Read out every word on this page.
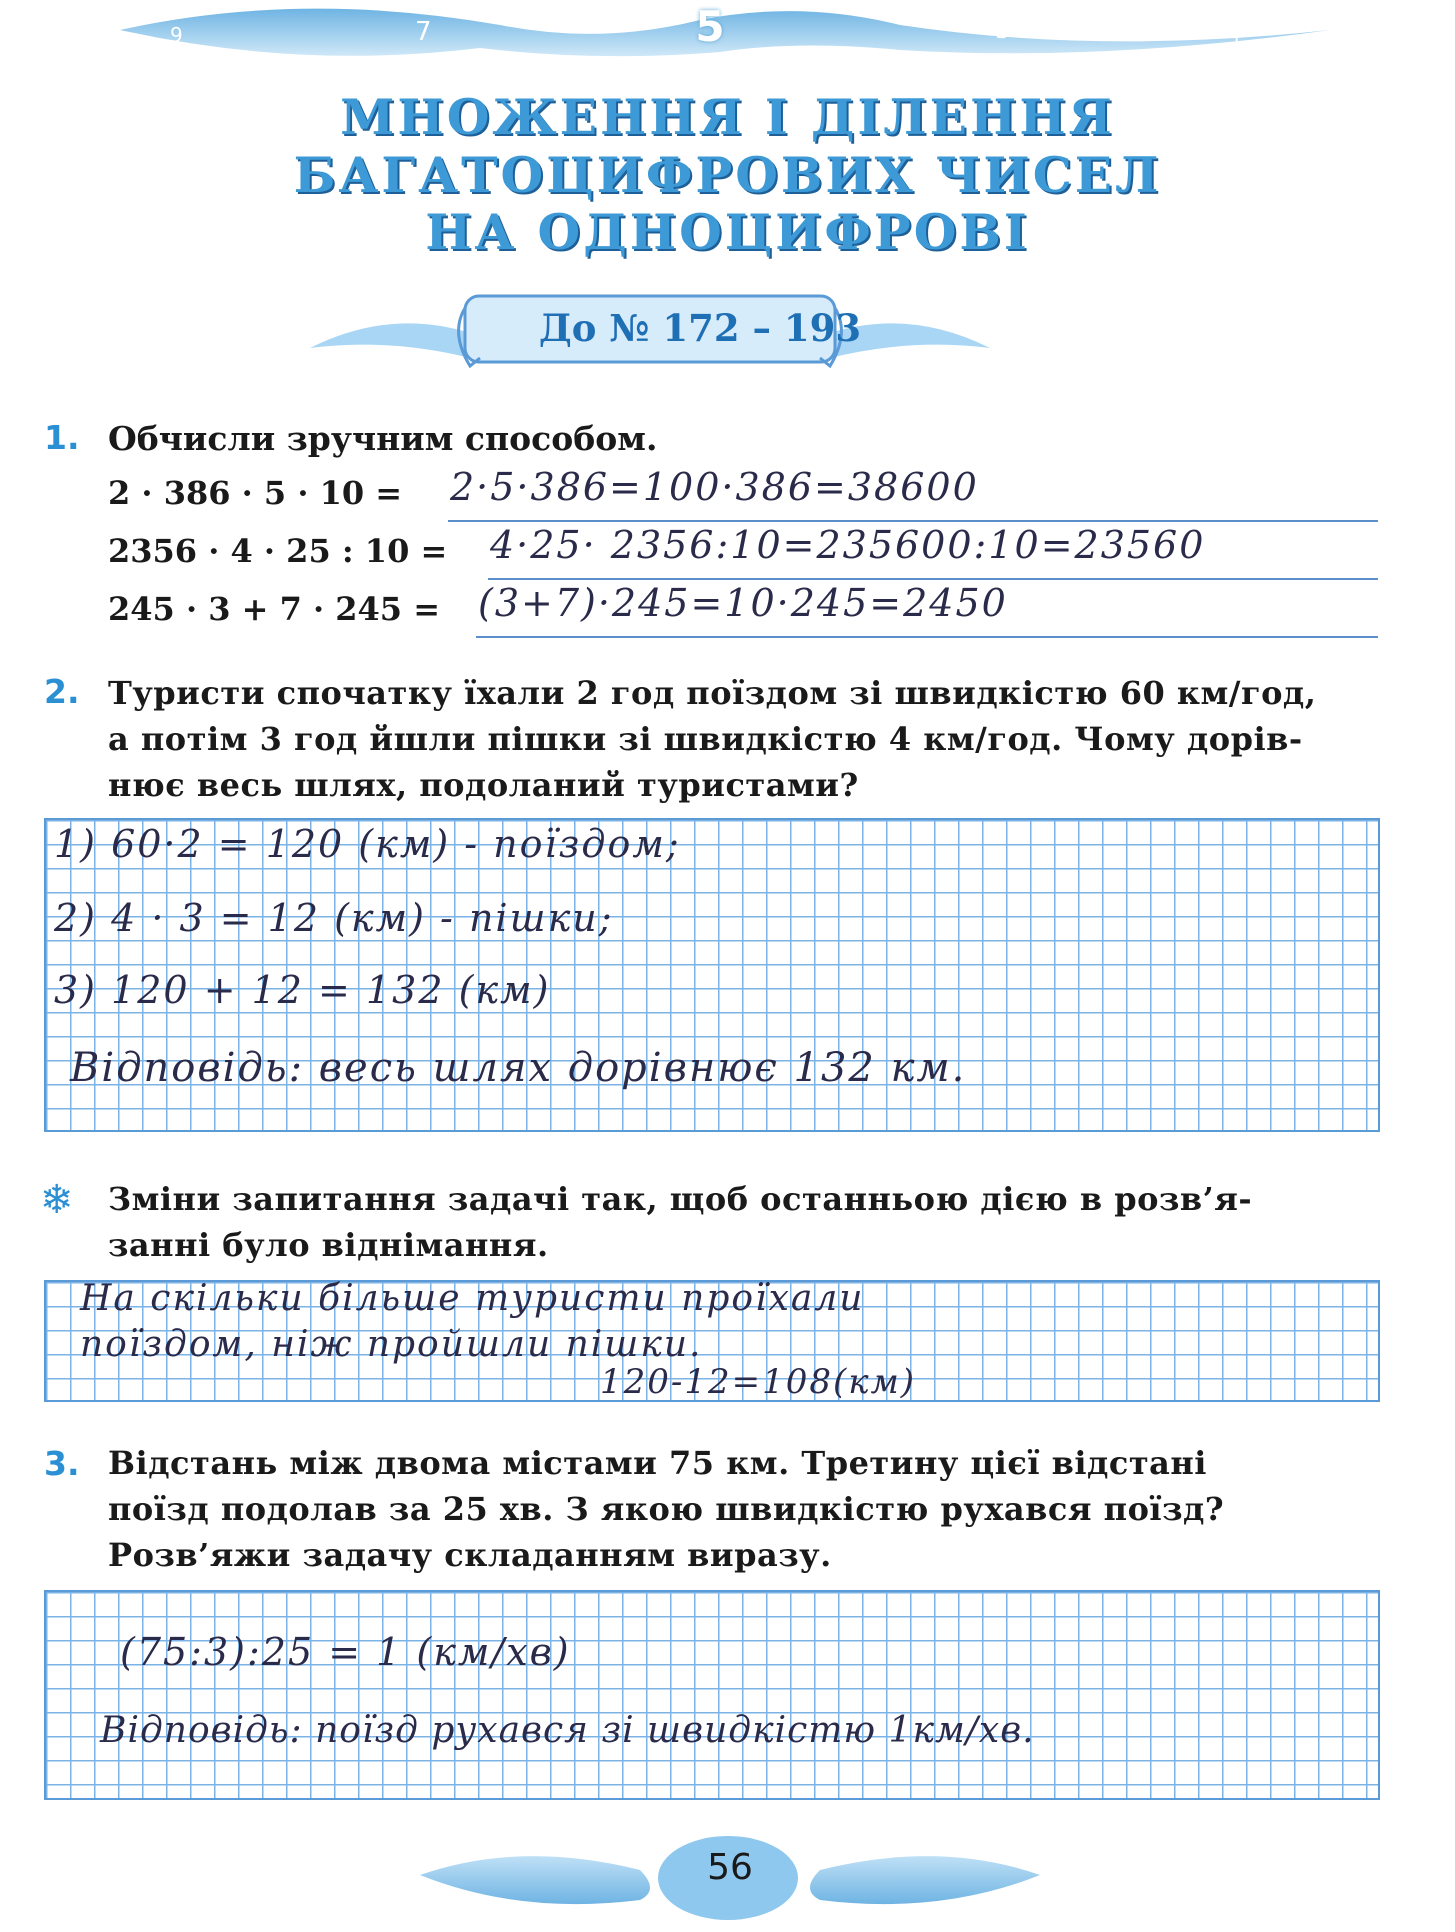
9	7	3	1
5
МНОЖЕННЯ І ДІЛЕННЯ
БАГАТОЦИФРОВИХ ЧИСЕЛ
НА ОДНОЦИФРОВІ
До № 172 – 193
1. Обчисли зручним способом.
2 · 386 · 5 · 10 = 2·5·386=100·386=38600
2356 · 4 · 25 : 10 = 4·25· 2356:10=235600:10=23560
245 · 3 + 7 · 245 = (3+7)·245=10·245=2450
2. Туристи спочатку їхали 2 год поїздом зі швидкістю 60 км/год,
а потім 3 год йшли пішки зі швидкістю 4 км/год. Чому дорів-
нює весь шлях, подоланий туристами?
1) 60·2 = 120 (км) - поїздом;
2) 4 · 3 = 12 (км) - пішки;
3) 120 + 12 = 132 (км)
Відповідь: весь шлях дорівнює 132 км.
❄ Зміни запитання задачі так, щоб останньою дією в розв’я-
занні було віднімання.
На скільки більше туристи проїхали
поїздом, ніж пройшли пішки.
120-12=108(км)
3. Відстань між двома містами 75 км. Третину цієї відстані
поїзд подолав за 25 хв. З якою швидкістю рухався поїзд?
Розв’яжи задачу складанням виразу.
(75:3):25 = 1 (км/хв)
Відповідь: поїзд рухався зі швидкістю 1км/хв.
56
